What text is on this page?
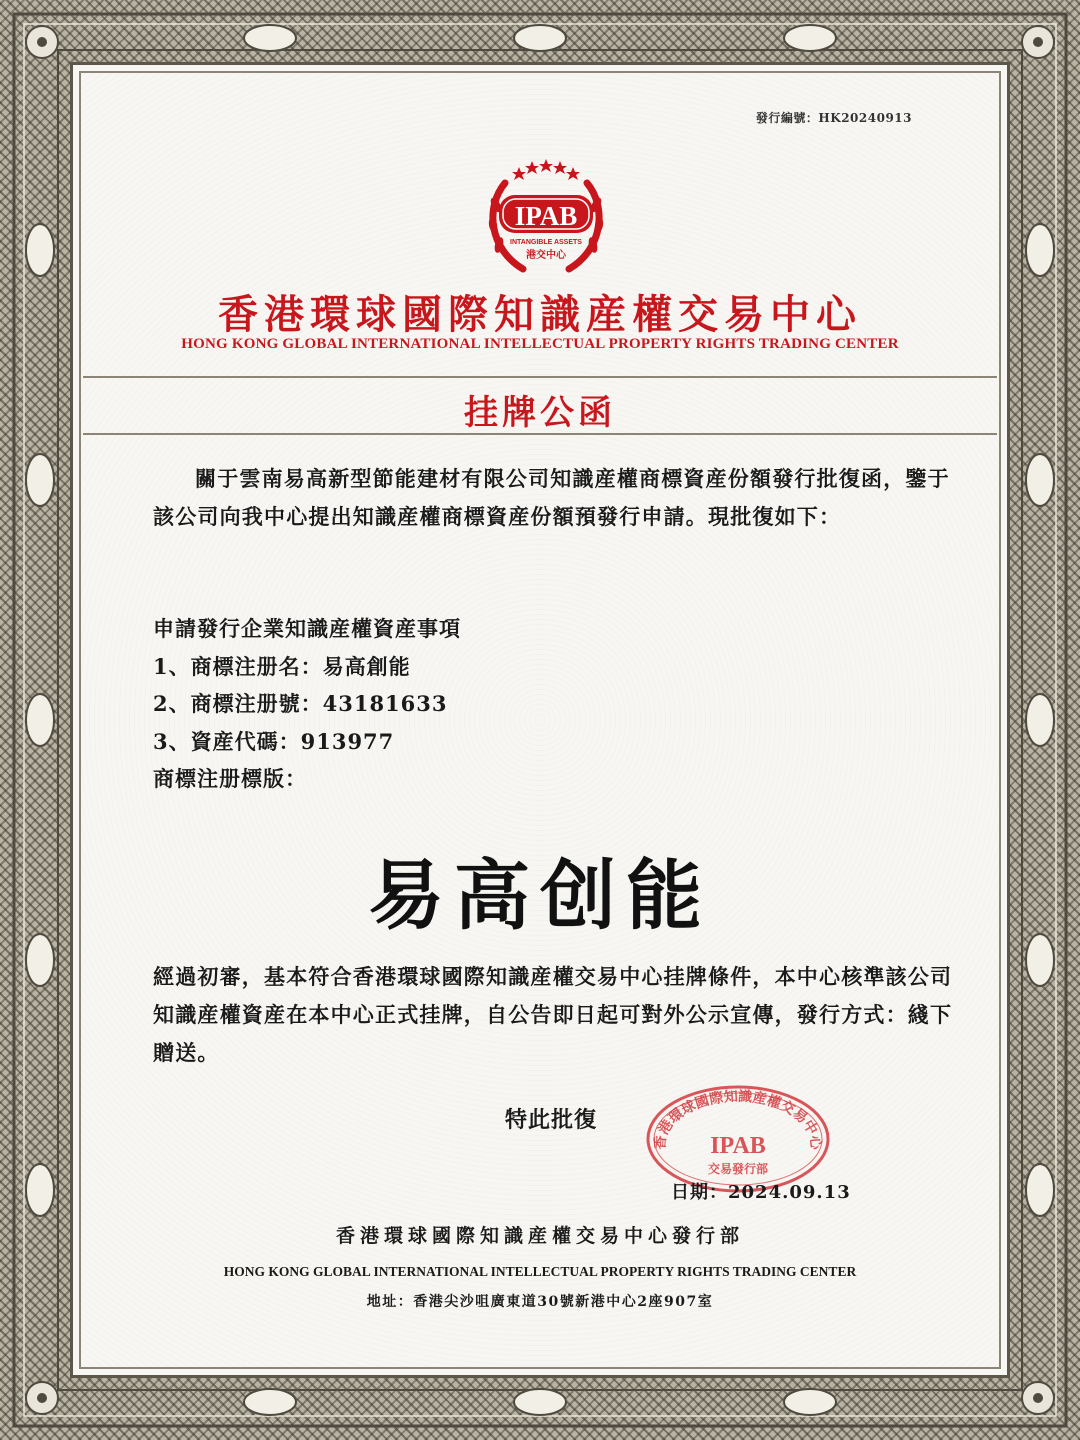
發行編號：HK20240913
IPAB
INTANGIBLE ASSETS
港交中心
香港環球國際知識産權交易中心
HONG KONG GLOBAL INTERNATIONAL INTELLECTUAL PROPERTY RIGHTS TRADING CENTER
挂牌公函
關于雲南易高新型節能建材有限公司知識産權商標資産份額發行批復函，鑒于該公司向我中心提出知識産權商標資産份額預發行申請。現批復如下：
申請發行企業知識産權資産事項
1、商標注册名：易高創能
2、商標注册號：43181633
3、資産代碼：913977
商標注册標版：
易高创能
經過初審，基本符合香港環球國際知識産權交易中心挂牌條件，本中心核準該公司知識産權資産在本中心正式挂牌，自公告即日起可對外公示宣傳，發行方式：綫下贈送。
特此批復
香港環球國際知識産權交易中心
IPAB
交易發行部
日期：2024.09.13
香港環球國際知識産權交易中心發行部
HONG KONG GLOBAL INTERNATIONAL INTELLECTUAL PROPERTY RIGHTS TRADING CENTER
地址：香港尖沙咀廣東道30號新港中心2座907室
